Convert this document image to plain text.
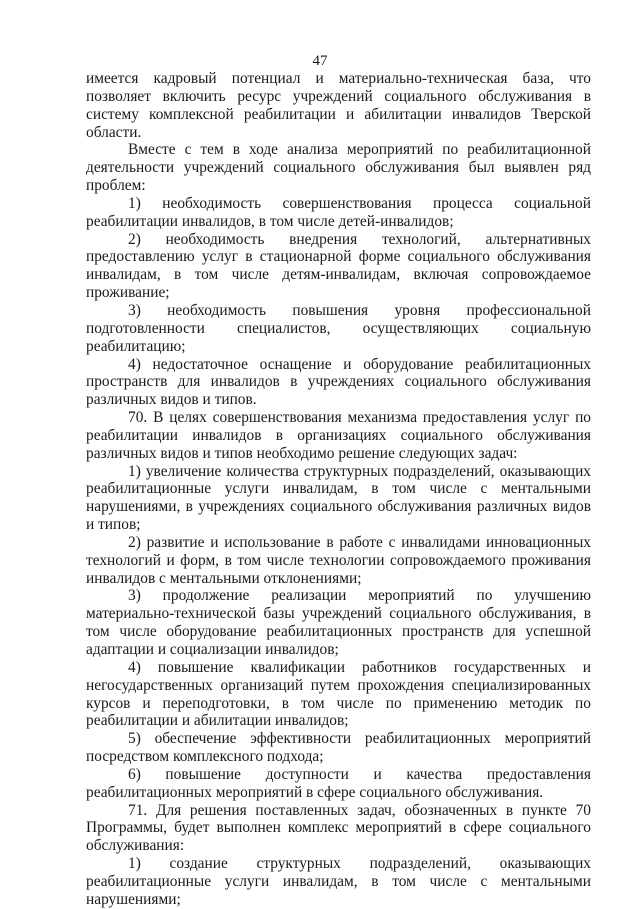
47

имеется кадровый потенциал и материально-техническая база, что позволяет включить ресурс учреждений социального обслуживания в систему комплексной реабилитации и абилитации инвалидов Тверской области.

Вместе с тем в ходе анализа мероприятий по реабилитационной деятельности учреждений социального обслуживания был выявлен ряд проблем:

1) необходимость совершенствования процесса социальной реабилитации инвалидов, в том числе детей-инвалидов;

2) необходимость внедрения технологий, альтернативных предоставлению услуг в стационарной форме социального обслуживания инвалидам, в том числе детям-инвалидам, включая сопровождаемое проживание;

3) необходимость повышения уровня профессиональной подготовленности специалистов, осуществляющих социальную реабилитацию;

4) недостаточное оснащение и оборудование реабилитационных пространств для инвалидов в учреждениях социального обслуживания различных видов и типов.

70. В целях совершенствования механизма предоставления услуг по реабилитации инвалидов в организациях социального обслуживания различных видов и типов необходимо решение следующих задач:

1) увеличение количества структурных подразделений, оказывающих реабилитационные услуги инвалидам, в том числе с ментальными нарушениями, в учреждениях социального обслуживания различных видов и типов;

2) развитие и использование в работе с инвалидами инновационных технологий и форм, в том числе технологии сопровождаемого проживания инвалидов с ментальными отклонениями;

3) продолжение реализации мероприятий по улучшению материально-технической базы учреждений социального обслуживания, в том числе оборудование реабилитационных пространств для успешной адаптации и социализации инвалидов;

4) повышение квалификации работников государственных и негосударственных организаций путем прохождения специализированных курсов и переподготовки, в том числе по применению методик по реабилитации и абилитации инвалидов;

5) обеспечение эффективности реабилитационных мероприятий посредством комплексного подхода;

6) повышение доступности и качества предоставления реабилитационных мероприятий в сфере социального обслуживания.

71. Для решения поставленных задач, обозначенных в пункте 70 Программы, будет выполнен комплекс мероприятий в сфере социального обслуживания:

1) создание структурных подразделений, оказывающих реабилитационные услуги инвалидам, в том числе с ментальными нарушениями;
